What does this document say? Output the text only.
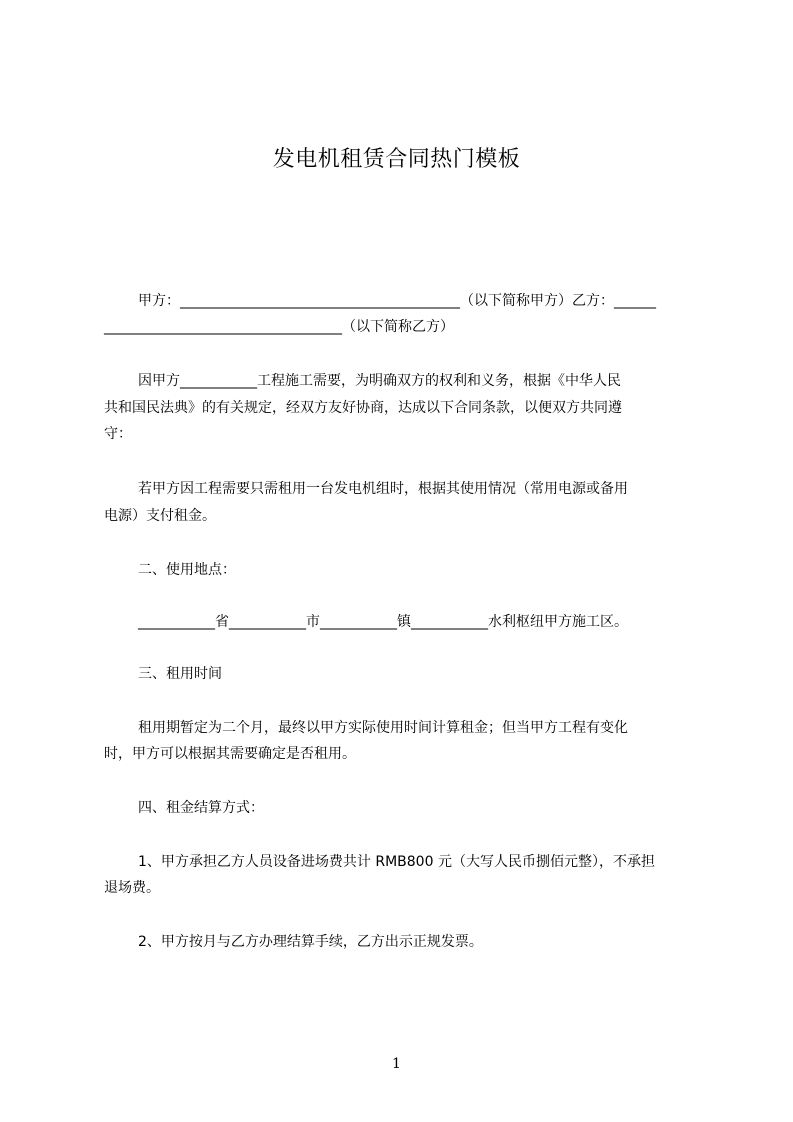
发电机租赁合同热门模板
甲方：________________________________________（以下简称甲方）乙方：______
__________________________________（以下简称乙方）
因甲方___________工程施工需要，为明确双方的权利和义务，根据《中华人民
共和国民法典》的有关规定，经双方友好协商，达成以下合同条款，以便双方共同遵
守：
若甲方因工程需要只需租用一台发电机组时，根据其使用情况（常用电源或备用
电源）支付租金。
二、使用地点：
___________省___________市___________镇___________水利枢纽甲方施工区。
三、租用时间
租用期暂定为二个月，最终以甲方实际使用时间计算租金；但当甲方工程有变化
时，甲方可以根据其需要确定是否租用。
四、租金结算方式：
1、甲方承担乙方人员设备进场费共计 RMB800 元（大写人民币捌佰元整），不承担
退场费。
2、甲方按月与乙方办理结算手续，乙方出示正规发票。
1
